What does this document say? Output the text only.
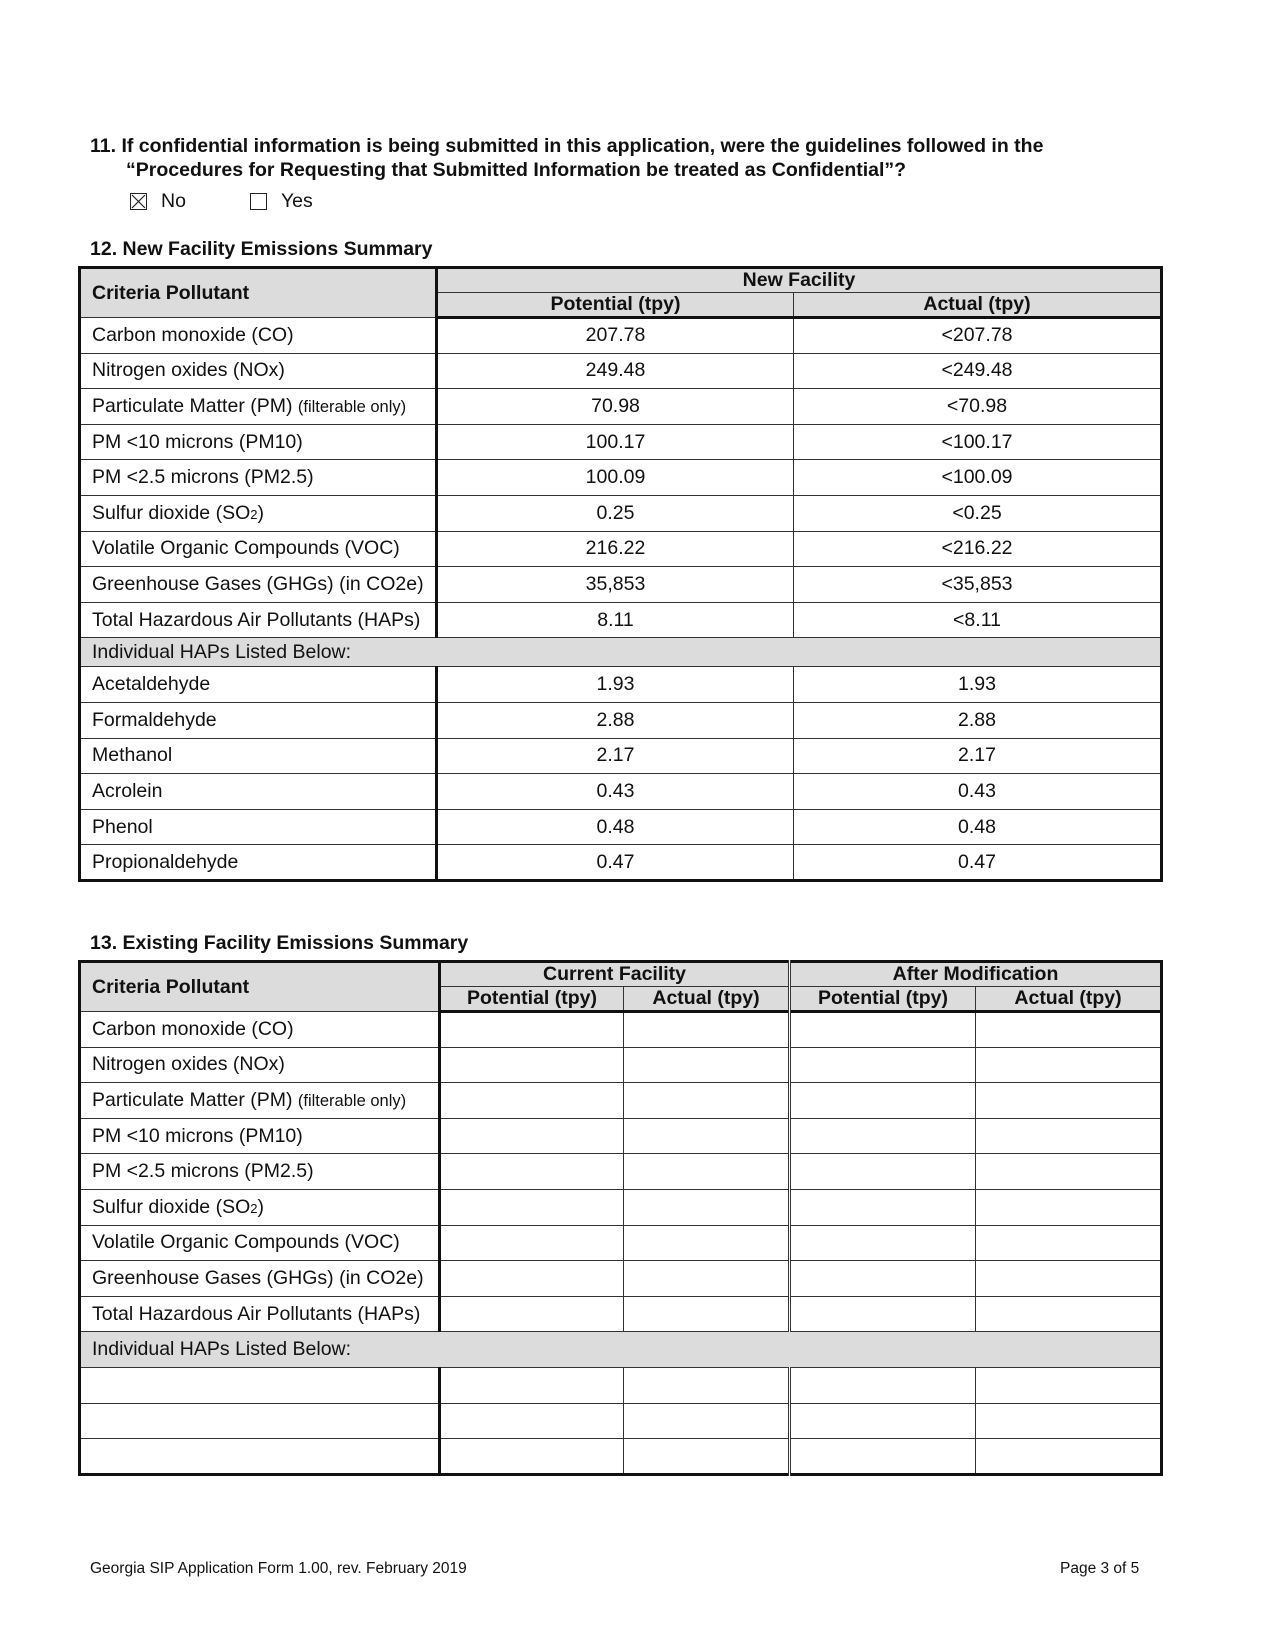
11. If confidential information is being submitted in this application, were the guidelines followed in the
“Procedures for Requesting that Submitted Information be treated as Confidential”?
No	Yes
12. New Facility Emissions Summary
Criteria Pollutant	New Facility	
	Potential (tpy)	Actual (tpy)
Carbon monoxide (CO)	207.78	<207.78
Nitrogen oxides (NOx)	249.48	<249.48
Particulate Matter (PM) (filterable only)	70.98	<70.98
PM <10 microns (PM10)	100.17	<100.17
PM <2.5 microns (PM2.5)	100.09	<100.09
Sulfur dioxide (SO2)	0.25	<0.25
Volatile Organic Compounds (VOC)	216.22	<216.22
Greenhouse Gases (GHGs) (in CO2e)	35,853	<35,853
Total Hazardous Air Pollutants (HAPs)	8.11	<8.11
Individual HAPs Listed Below:		
Acetaldehyde	1.93	1.93
Formaldehyde	2.88	2.88
Methanol	2.17	2.17
Acrolein	0.43	0.43
Phenol	0.48	0.48
Propionaldehyde	0.47	0.47
13. Existing Facility Emissions Summary
Criteria Pollutant	Current Facility		After Modification	
	Potential (tpy)	Actual (tpy)	Potential (tpy)	Actual (tpy)
Carbon monoxide (CO)				
Nitrogen oxides (NOx)				
Particulate Matter (PM) (filterable only)				
PM <10 microns (PM10)				
PM <2.5 microns (PM2.5)				
Sulfur dioxide (SO2)				
Volatile Organic Compounds (VOC)				
Greenhouse Gases (GHGs) (in CO2e)				
Total Hazardous Air Pollutants (HAPs)				
Individual HAPs Listed Below:				

Georgia SIP Application Form 1.00, rev. February 2019	Page 3 of 5
